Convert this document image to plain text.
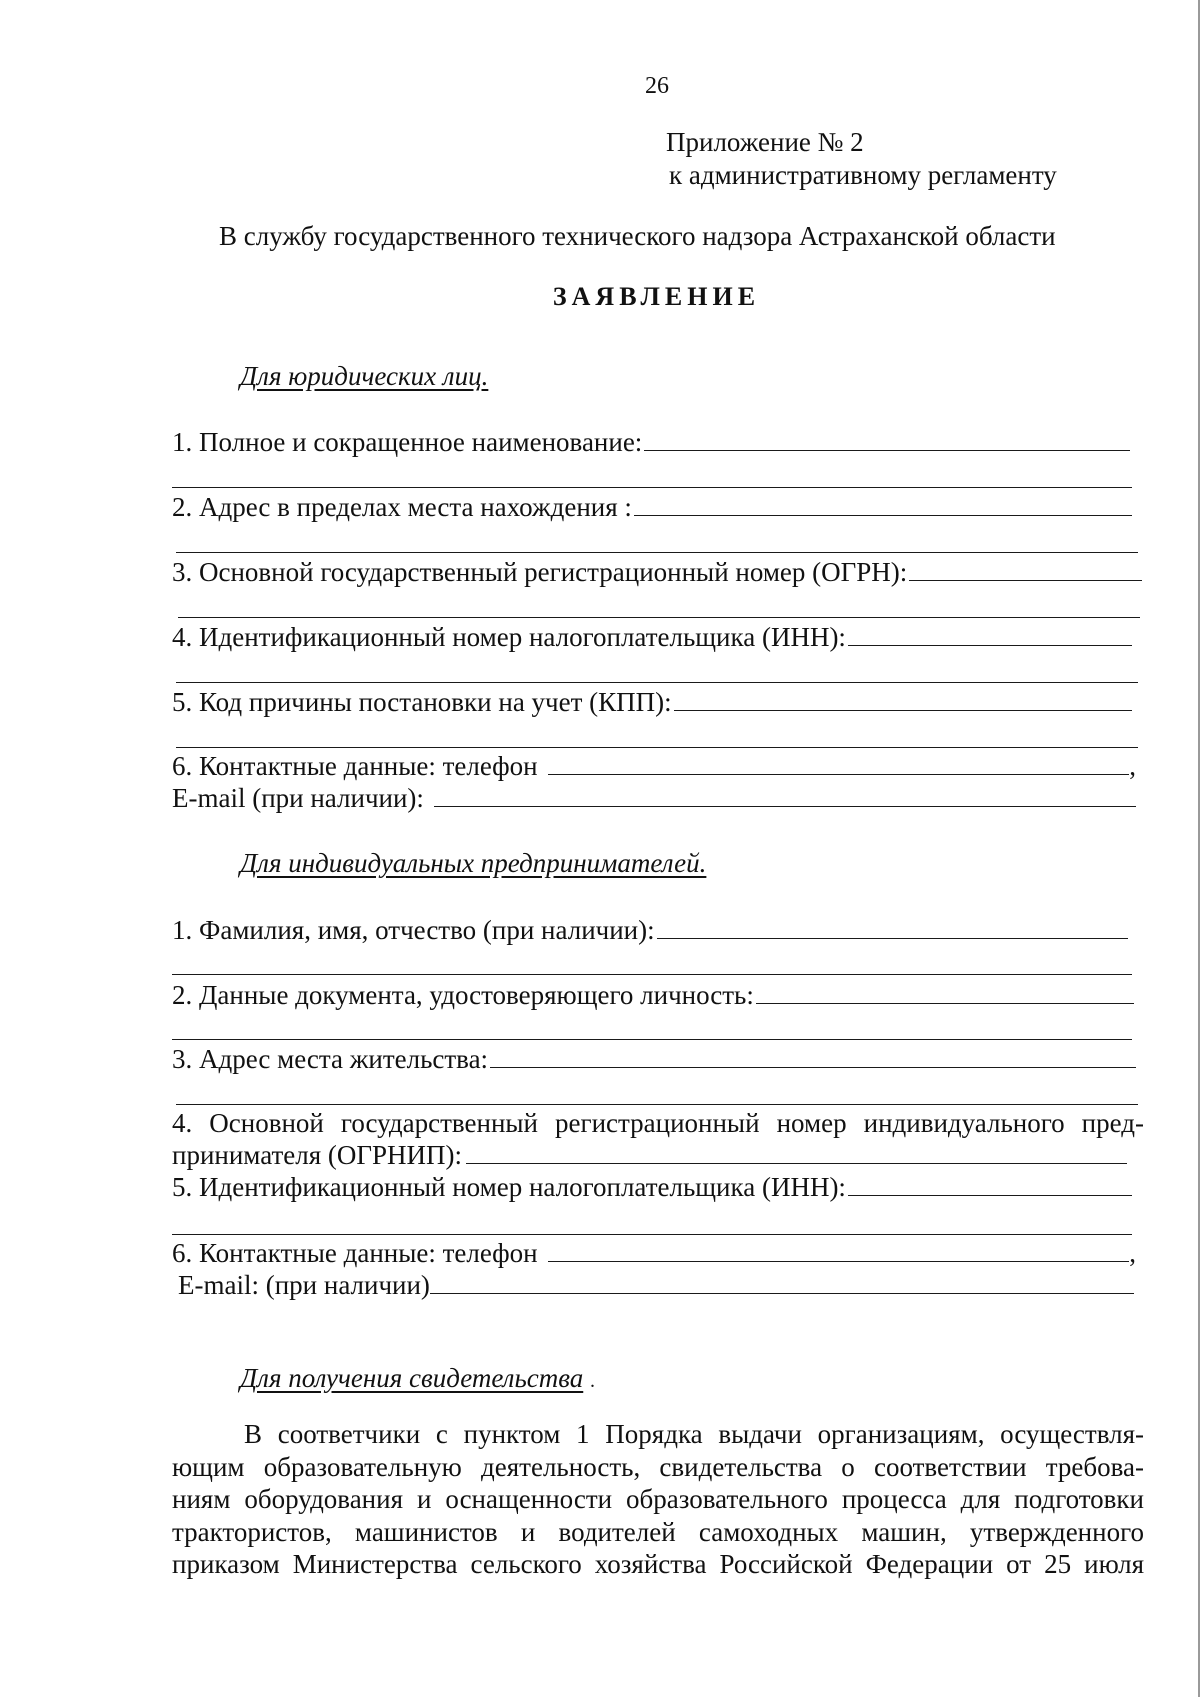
26
Приложение № 2
к административному регламенту
В службу государственного технического надзора Астраханской области
ЗАЯВЛЕНИЕ
Для юридических лиц.
1. Полное и сокращенное наименование:
2. Адрес в пределах места нахождения :
3. Основной государственный регистрационный номер (ОГРН):
4. Идентификационный номер налогоплательщика (ИНН):
5. Код причины постановки на учет (КПП):
6. Контактные данные: телефон	,
E-mail (при наличии):
Для индивидуальных предпринимателей.
1. Фамилия, имя, отчество (при наличии):
2. Данные документа, удостоверяющего личность:
3. Адрес места жительства:
4. Основной государственный регистрационный номер индивидуального пред-
принимателя (ОГРНИП):
5. Идентификационный номер налогоплательщика (ИНН):
6. Контактные данные: телефон	,
E-mail: (при наличии)
Для получения свидетельства .
В соответчики с пунктом 1 Порядка выдачи организациям, осуществля-
ющим образовательную деятельность, свидетельства о соответствии требова-
ниям оборудования и оснащенности образовательного процесса для подготовки
трактористов, машинистов и водителей самоходных машин, утвержденного
приказом Министерства сельского хозяйства Российской Федерации от 25 июля
